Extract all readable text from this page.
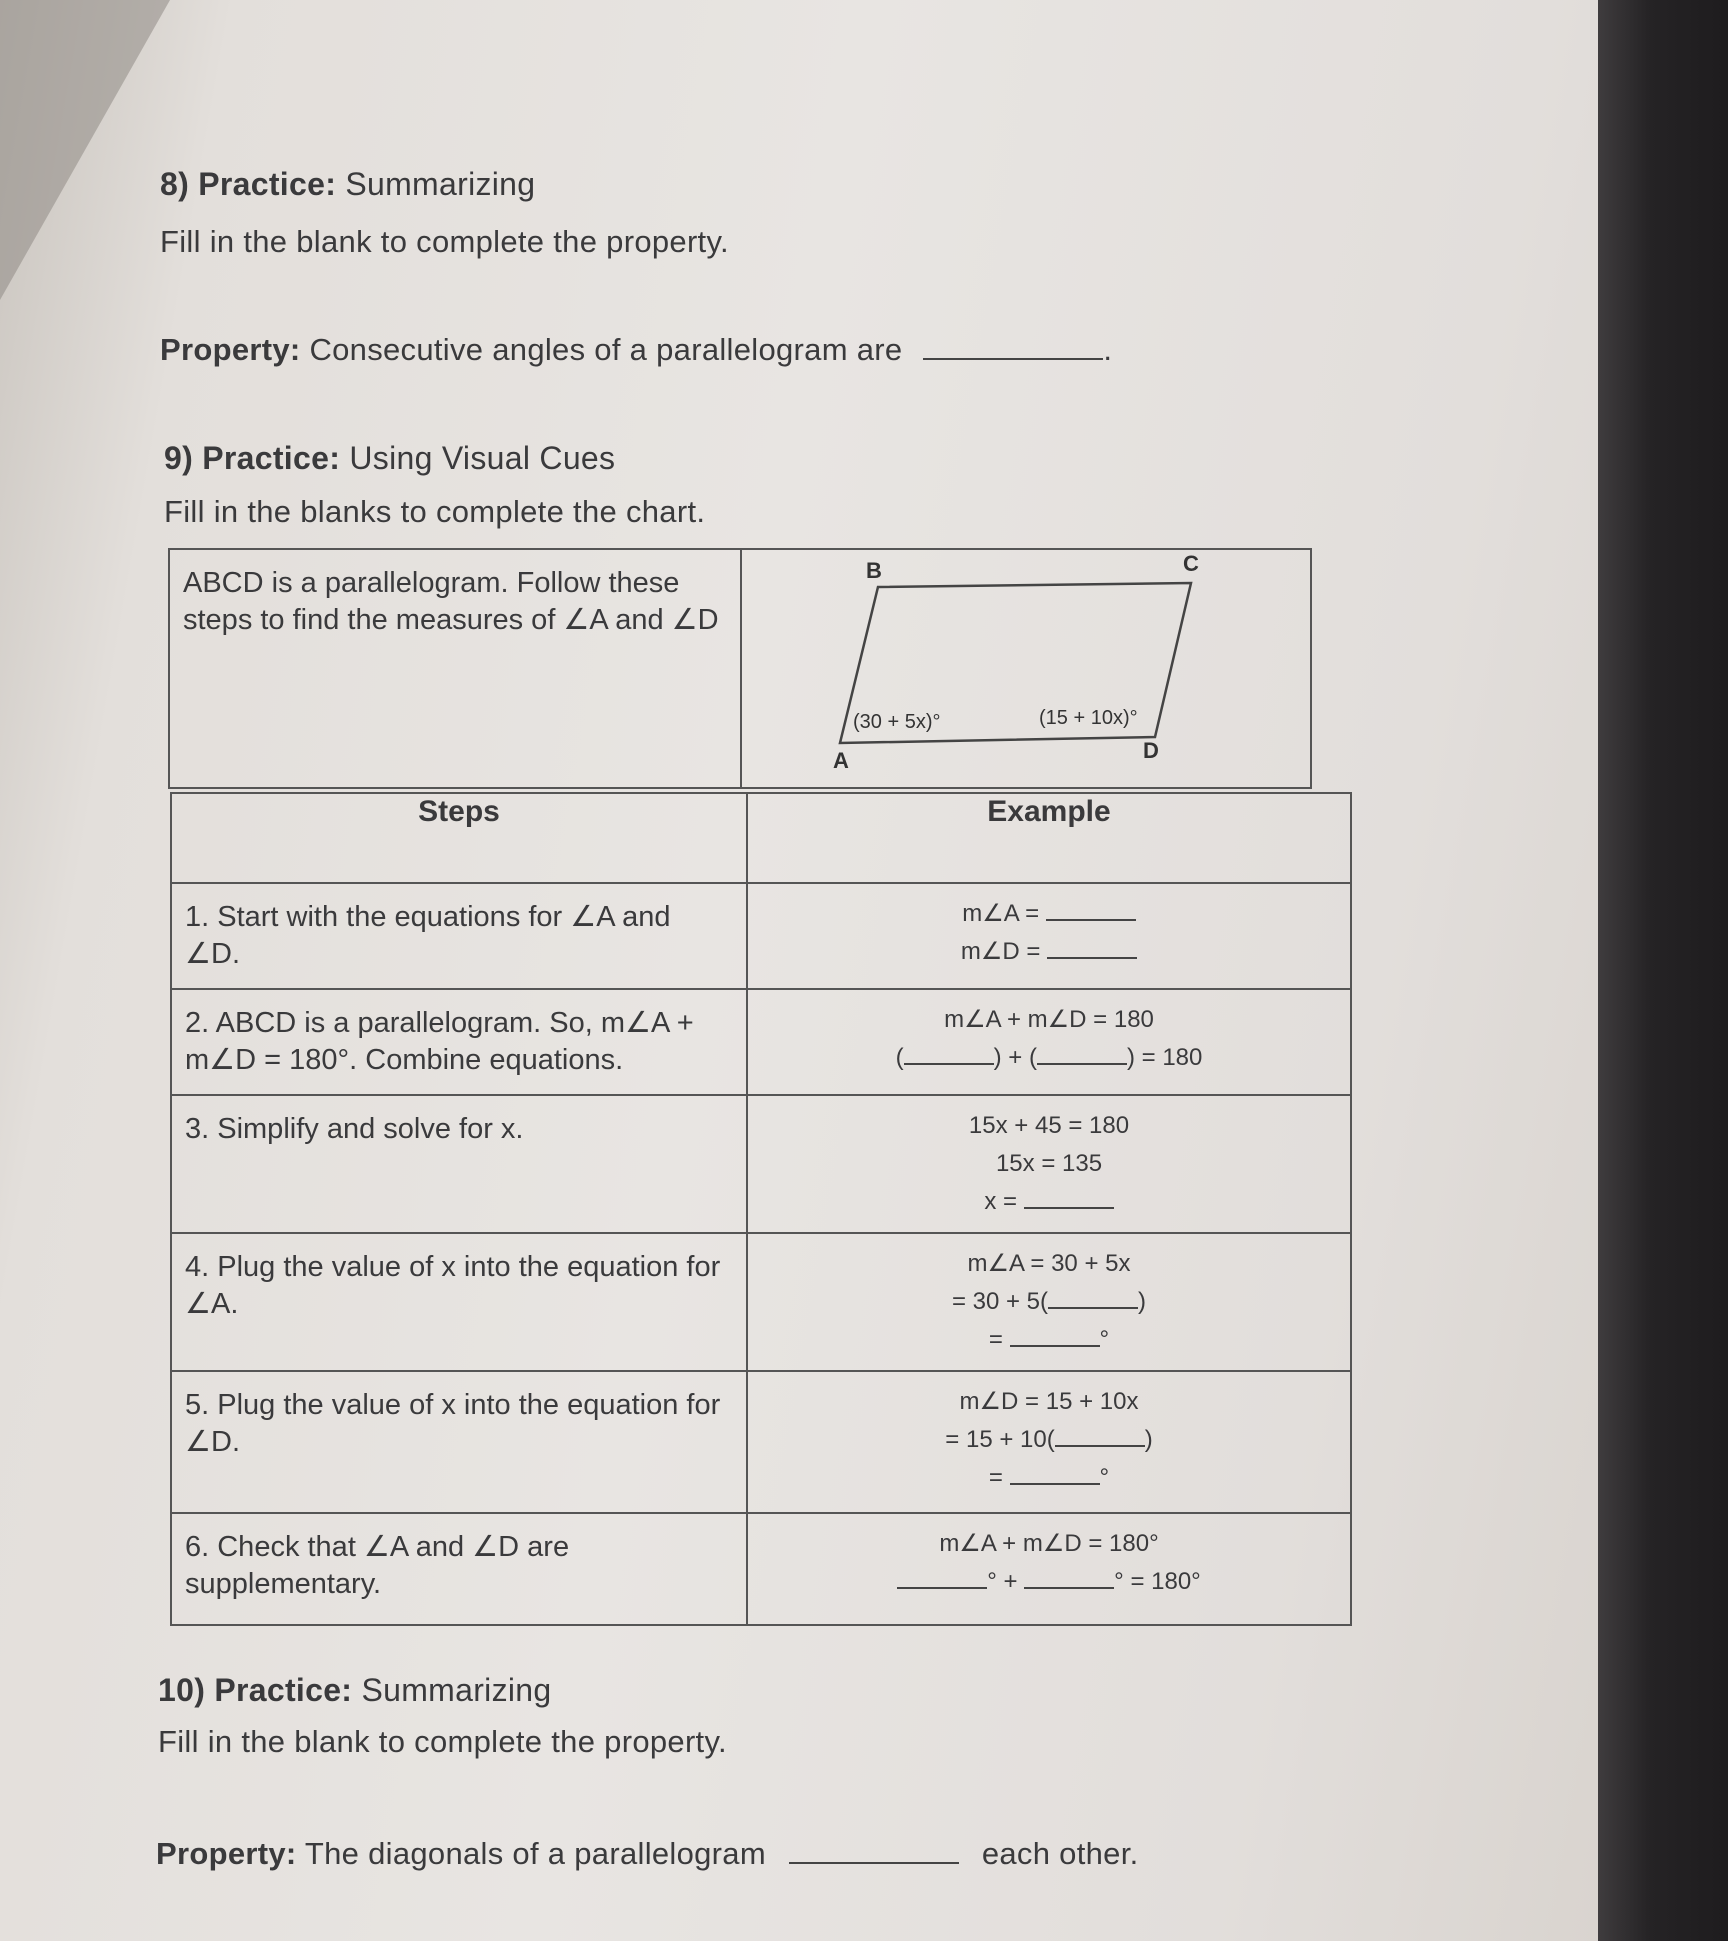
8) Practice: Summarizing
Fill in the blank to complete the property.
Property: Consecutive angles of a parallelogram are	.
9) Practice: Using Visual Cues
Fill in the blanks to complete the chart.
ABCD is a parallelogram. Follow these steps to find the measures of ∠A and ∠D

B	C
A	D
(30 + 5x)°	(15 + 10x)°
Steps	Example

1. Start with the equations for ∠A and ∠D.	m∠A =
m∠D =

2. ABCD is a parallelogram. So, m∠A + m∠D = 180°. Combine equations.	m∠A + m∠D = 180
( ) + ( ) = 180

3. Simplify and solve for x.	15x + 45 = 180
15x = 135
x =

4. Plug the value of x into the equation for ∠A.	m∠A = 30 + 5x
= 30 + 5( )
= °

5. Plug the value of x into the equation for ∠D.	m∠D = 15 + 10x
= 15 + 10( )
= °

6. Check that ∠A and ∠D are supplementary.	m∠A + m∠D = 180°
° + ° = 180°
10) Practice: Summarizing
Fill in the blank to complete the property.
Property: The diagonals of a parallelogram	each other.
